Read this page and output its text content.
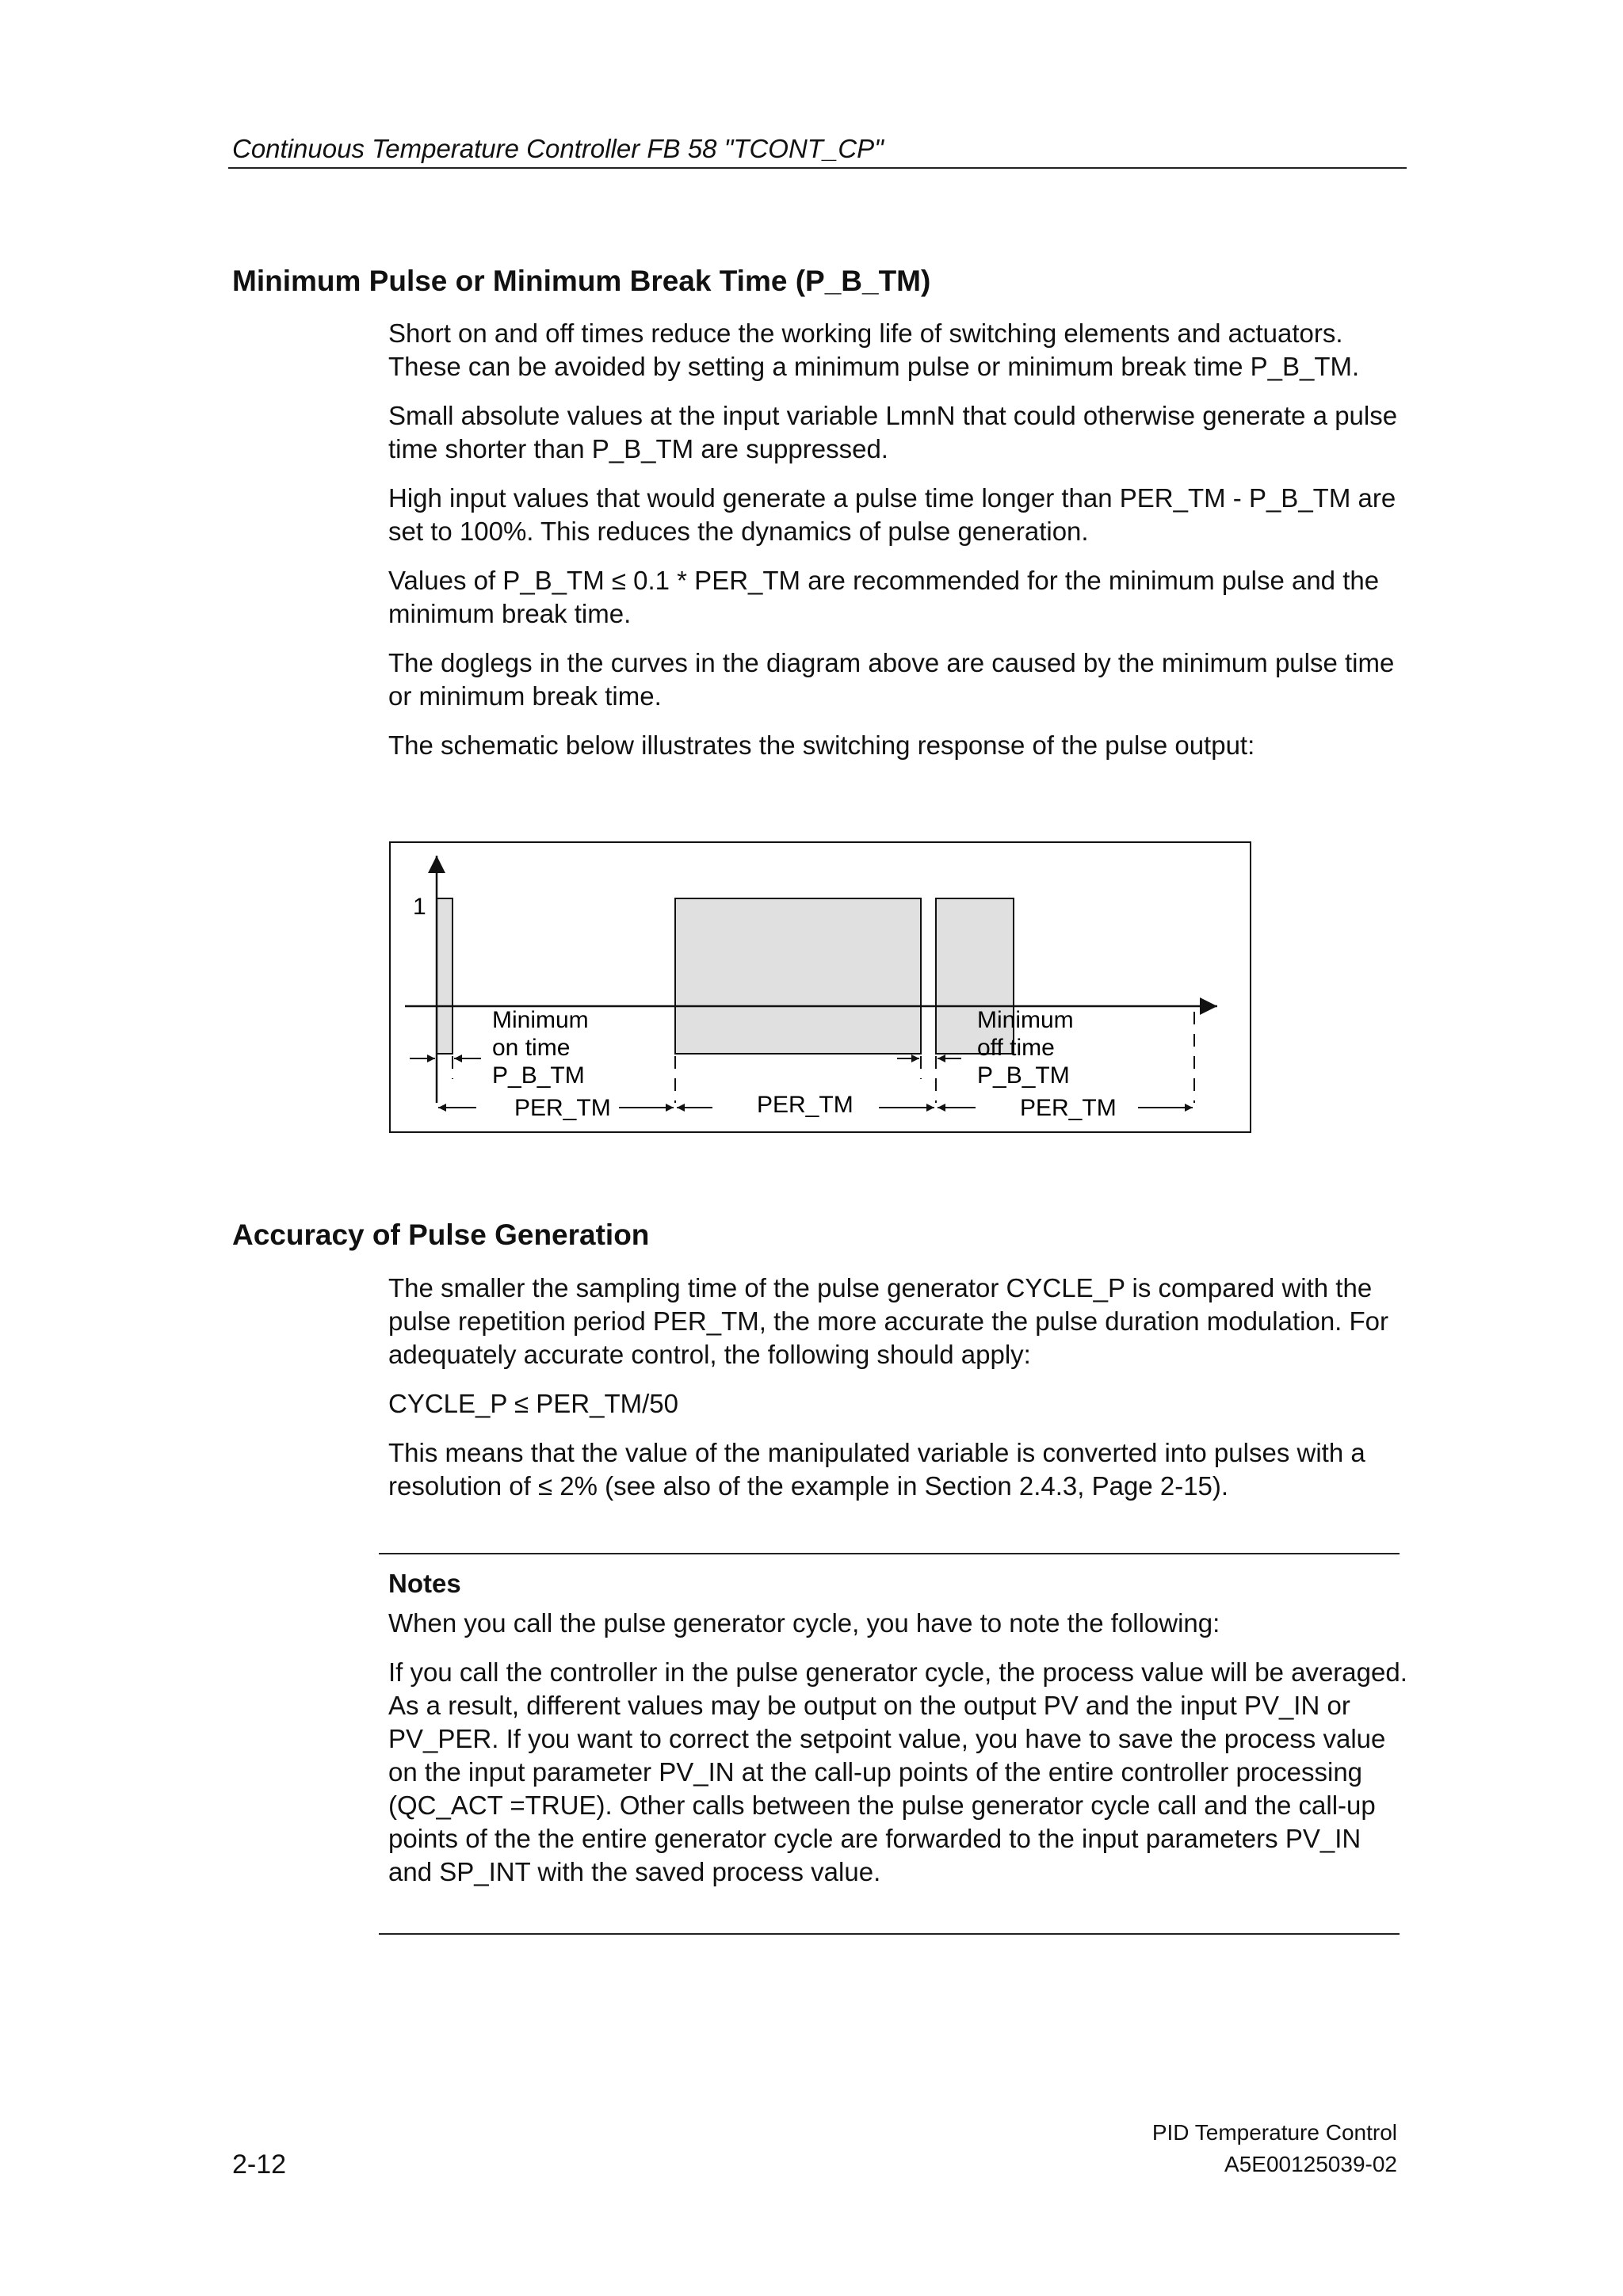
Continuous Temperature Controller FB 58 "TCONT_CP"
Minimum Pulse or Minimum Break Time (P_B_TM)

Short on and off times reduce the working life of switching elements and actuators. These can be avoided by setting a minimum pulse or minimum break time P_B_TM.

Small absolute values at the input variable LmnN that could otherwise generate a pulse time shorter than P_B_TM are suppressed.

High input values that would generate a pulse time longer than PER_TM - P_B_TM are set to 100%. This reduces the dynamics of pulse generation.

Values of P_B_TM ≤ 0.1 * PER_TM are recommended for the minimum pulse and the minimum break time.

The doglegs in the curves in the diagram above are caused by the minimum pulse time or minimum break time.

The schematic below illustrates the switching response of the pulse output:

1
Minimum on time P_B_TM
Minimum off time P_B_TM
PER_TM	PER_TM	PER_TM
Accuracy of Pulse Generation

The smaller the sampling time of the pulse generator CYCLE_P is compared with the pulse repetition period PER_TM, the more accurate the pulse duration modulation. For adequately accurate control, the following should apply:

CYCLE_P ≤ PER_TM/50

This means that the value of the manipulated variable is converted into pulses with a resolution of ≤ 2% (see also of the example in Section 2.4.3, Page 2-15).

Notes

When you call the pulse generator cycle, you have to note the following:

If you call the controller in the pulse generator cycle, the process value will be averaged. As a result, different values may be output on the output PV and the input PV_IN or PV_PER. If you want to correct the setpoint value, you have to save the process value on the input parameter PV_IN at the call-up points of the entire controller processing (QC_ACT =TRUE). Other calls between the pulse generator cycle call and the call-up points of the the entire generator cycle are forwarded to the input parameters PV_IN and SP_INT with the saved process value.

2-12
PID Temperature Control
A5E00125039-02
